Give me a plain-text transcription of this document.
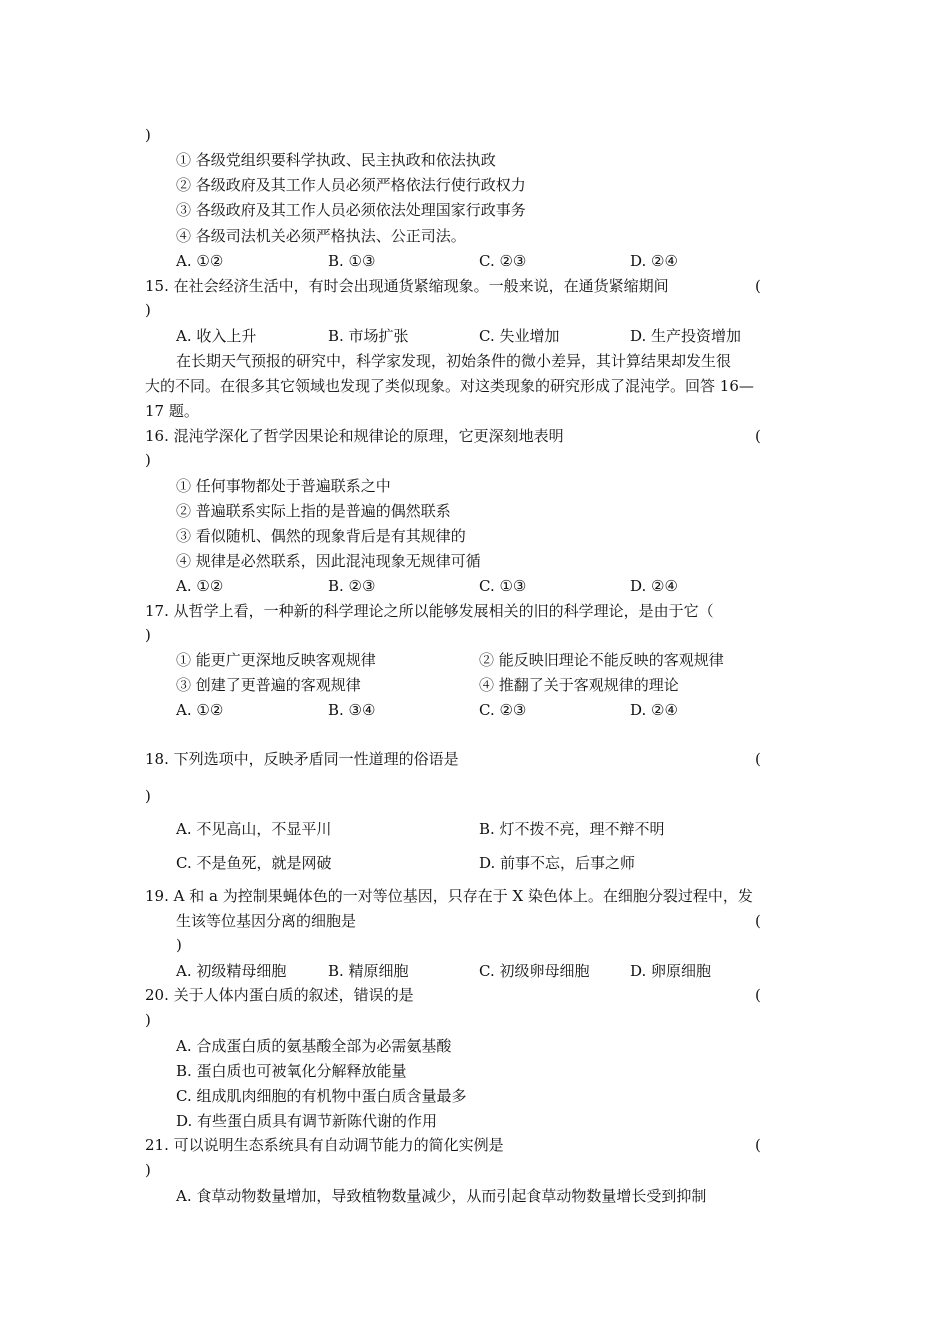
)
① 各级党组织要科学执政、民主执政和依法执政
② 各级政府及其工作人员必须严格依法行使行政权力
③ 各级政府及其工作人员必须依法处理国家行政事务
④ 各级司法机关必须严格执法、公正司法。
A. ①②	B. ①③	C. ②③	D. ②④
15. 在社会经济生活中，有时会出现通货紧缩现象。一般来说，在通货紧缩期间	(
)
A. 收入上升	B. 市场扩张	C. 失业增加	D. 生产投资增加
在长期天气预报的研究中，科学家发现，初始条件的微小差异，其计算结果却发生很
大的不同。在很多其它领域也发现了类似现象。对这类现象的研究形成了混沌学。回答 16—
17 题。
16. 混沌学深化了哲学因果论和规律论的原理，它更深刻地表明	(
)
① 任何事物都处于普遍联系之中
② 普遍联系实际上指的是普遍的偶然联系
③ 看似随机、偶然的现象背后是有其规律的
④ 规律是必然联系，因此混沌现象无规律可循
A. ①②	B. ②③	C. ①③	D. ②④
17. 从哲学上看，一种新的科学理论之所以能够发展相关的旧的科学理论，是由于它（
)
① 能更广更深地反映客观规律	② 能反映旧理论不能反映的客观规律
③ 创建了更普遍的客观规律	④ 推翻了关于客观规律的理论
A. ①②	B. ③④	C. ②③	D. ②④
18. 下列选项中，反映矛盾同一性道理的俗语是	(
)
A. 不见高山，不显平川	B. 灯不拨不亮，理不辩不明
C. 不是鱼死，就是网破	D. 前事不忘，后事之师
19. A 和 a 为控制果蝇体色的一对等位基因，只存在于 X 染色体上。在细胞分裂过程中，发
生该等位基因分离的细胞是	(
)
A. 初级精母细胞	B. 精原细胞	C. 初级卵母细胞	D. 卵原细胞
20. 关于人体内蛋白质的叙述，错误的是	(
)
A. 合成蛋白质的氨基酸全部为必需氨基酸
B. 蛋白质也可被氧化分解释放能量
C. 组成肌肉细胞的有机物中蛋白质含量最多
D. 有些蛋白质具有调节新陈代谢的作用
21. 可以说明生态系统具有自动调节能力的简化实例是	(
)
A. 食草动物数量增加，导致植物数量减少，从而引起食草动物数量增长受到抑制
